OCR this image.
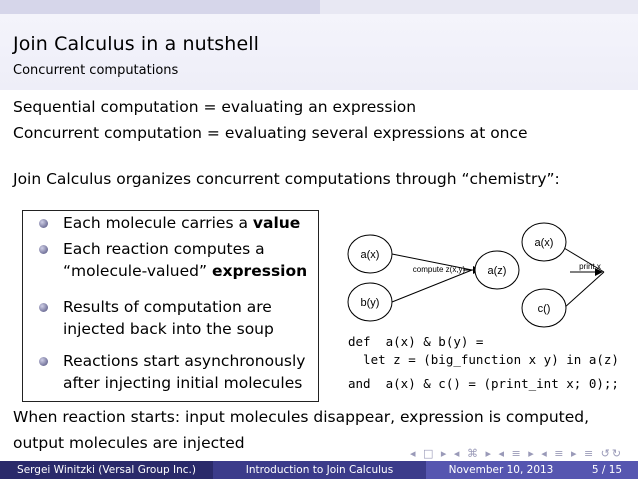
Join Calculus in a nutshell
Concurrent computations
Sequential computation = evaluating an expression
Concurrent computation = evaluating several expressions at once
Join Calculus organizes concurrent computations through “chemistry”:
Each molecule carries a value
Each reaction computes a
“molecule-valued” expression
Results of computation are
injected back into the soup
Reactions start asynchronously
after injecting initial molecules
a(x)
b(y)
a(z)
a(x)
c()
compute z(x,y)	print x
def  a(x) & b(y) =
let z = (big_function x y) in a(z)
and  a(x) & c() = (print_int x; 0);;
When reaction starts: input molecules disappear, expression is computed,
output molecules are injected
◂ □ ▸ ◂ ⌘ ▸ ◂ ≡ ▸ ◂ ≡ ▸ ≡ ↺↻
Sergei Winitzki (Versal Group Inc.)	Introduction to Join Calculus	November 10, 2013	5 / 15
